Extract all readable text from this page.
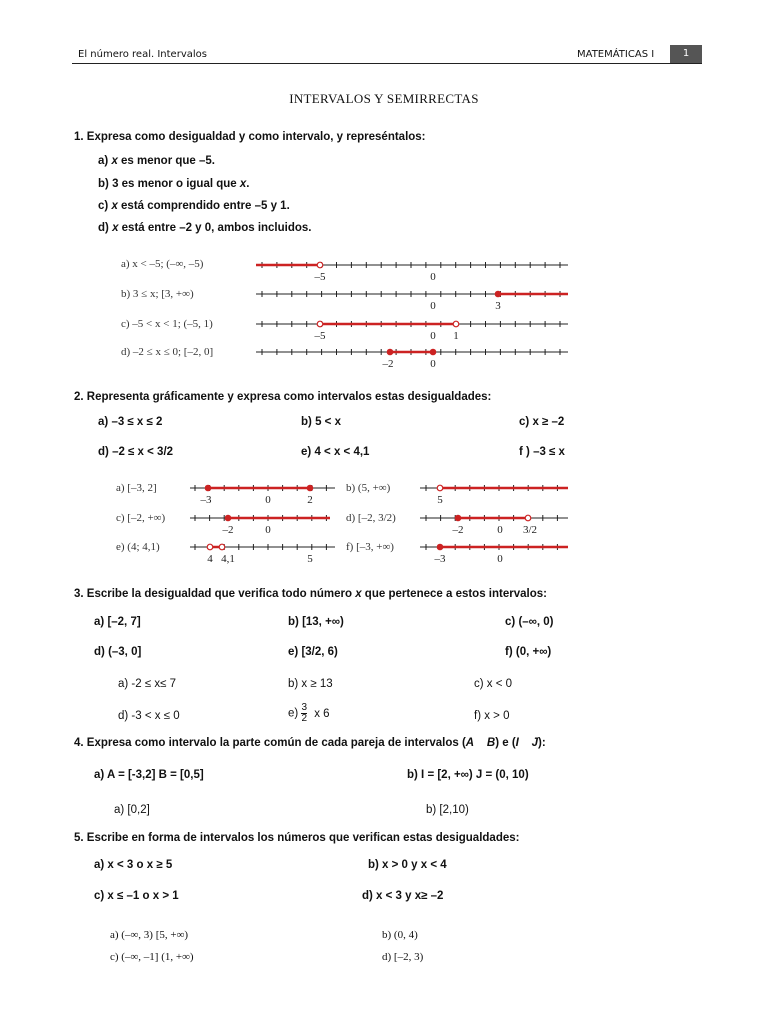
El número real. Intervalos	MATEMÁTICAS I	1
INTERVALOS Y SEMIRRECTAS
1. Expresa como desigualdad y como intervalo, y represéntalos:
a) x es menor que –5.
b) 3 es menor o igual que x.
c) x está comprendido entre –5 y 1.
d) x está entre –2 y 0, ambos incluidos.
a) x < –5; (–∞, –5)
b) 3 ≤ x; [3, +∞)
c) –5 < x < 1; (–5, 1)
d) –2 ≤ x ≤ 0; [–2, 0]
–5	0
0	3
–5	0 1
–2	0
–3	0	2	5
–2	0	–2	0 3/2
4 4,1	5	–3	0
2. Representa gráficamente y expresa como intervalos estas desigualdades:
a) –3 ≤ x ≤ 2	b) 5 < x	c) x ≥ –2
d) –2 ≤ x < 3/2	e) 4 < x < 4,1	f ) –3 ≤ x
a) [–3, 2]	b) (5, +∞)
c) [–2, +∞)	d) [–2, 3/2)
e) (4; 4,1)	f) [–3, +∞)
3. Escribe la desigualdad que verifica todo número x que pertenece a estos intervalos:
a) [–2, 7]	b) [13, +∞)	c) (–∞, 0)
d) (–3, 0]	e) [3/2, 6)	f) (0, +∞)
a) -2 ≤ x≤ 7	b) x ≥ 13	c) x < 0
d) -3 < x ≤ 0	$e) \frac{3}{2}$ x 6	f) x > 0
4. Expresa como intervalo la parte común de cada pareja de intervalos (A B) e (I J):
a) A = [-3,2] B = [0,5]	b) I = [2, +∞) J = (0, 10)
a) [0,2]	b) [2,10)
5. Escribe en forma de intervalos los números que verifican estas desigualdades:
a) x < 3 o x ≥ 5	b) x > 0 y x < 4
c) x ≤ –1 o x > 1	d) x < 3 y x≥ –2
a) (–∞, 3) [5, +∞)	b) (0, 4)
c) (–∞, –1] (1, +∞)	d) [–2, 3)
